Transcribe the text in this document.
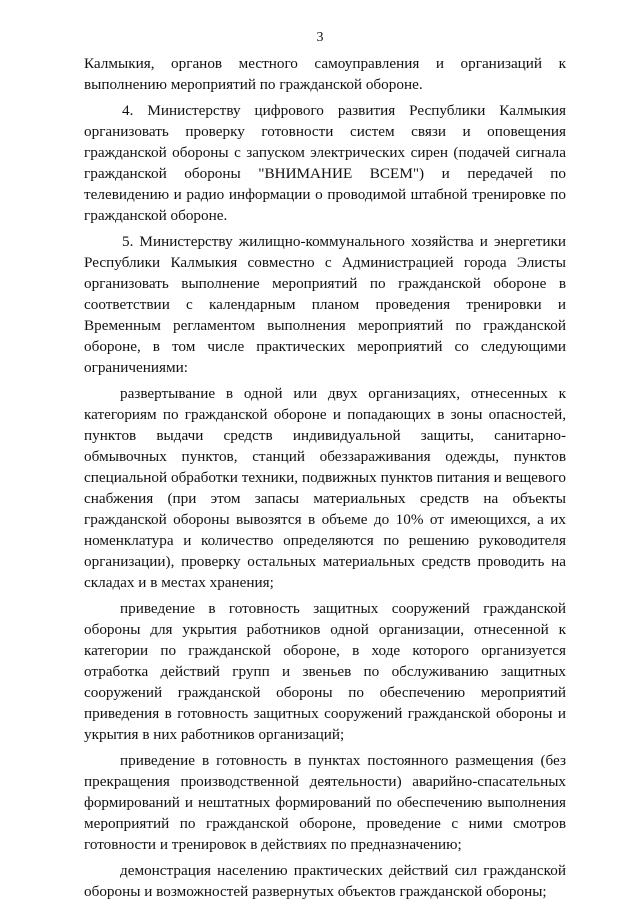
3

Калмыкия, органов местного самоуправления и организаций к выполнению мероприятий по гражданской обороне.

4. Министерству цифрового развития Республики Калмыкия организовать проверку готовности систем связи и оповещения гражданской обороны с запуском электрических сирен (подачей сигнала гражданской обороны "ВНИМАНИЕ ВСЕМ") и передачей по телевидению и радио информации о проводимой штабной тренировке по гражданской обороне.

5. Министерству жилищно-коммунального хозяйства и энергетики Республики Калмыкия совместно с Администрацией города Элисты организовать выполнение мероприятий по гражданской обороне в соответствии с календарным планом проведения тренировки и Временным регламентом выполнения мероприятий по гражданской обороне, в том числе практических мероприятий со следующими ограничениями:

развертывание в одной или двух организациях, отнесенных к категориям по гражданской обороне и попадающих в зоны опасностей, пунктов выдачи средств индивидуальной защиты, санитарно-обмывочных пунктов, станций обеззараживания одежды, пунктов специальной обработки техники, подвижных пунктов питания и вещевого снабжения (при этом запасы материальных средств на объекты гражданской обороны вывозятся в объеме до 10% от имеющихся, а их номенклатура и количество определяются по решению руководителя организации), проверку остальных материальных средств проводить на складах и в местах хранения;

приведение в готовность защитных сооружений гражданской обороны для укрытия работников одной организации, отнесенной к категории по гражданской обороне, в ходе которого организуется отработка действий групп и звеньев по обслуживанию защитных сооружений гражданской обороны по обеспечению мероприятий приведения в готовность защитных сооружений гражданской обороны и укрытия в них работников организаций;

приведение в готовность в пунктах постоянного размещения (без прекращения производственной деятельности) аварийно-спасательных формирований и нештатных формирований по обеспечению выполнения мероприятий по гражданской обороне, проведение с ними смотров готовности и тренировок в действиях по предназначению;

демонстрация населению практических действий сил гражданской обороны и возможностей развернутых объектов гражданской обороны;
